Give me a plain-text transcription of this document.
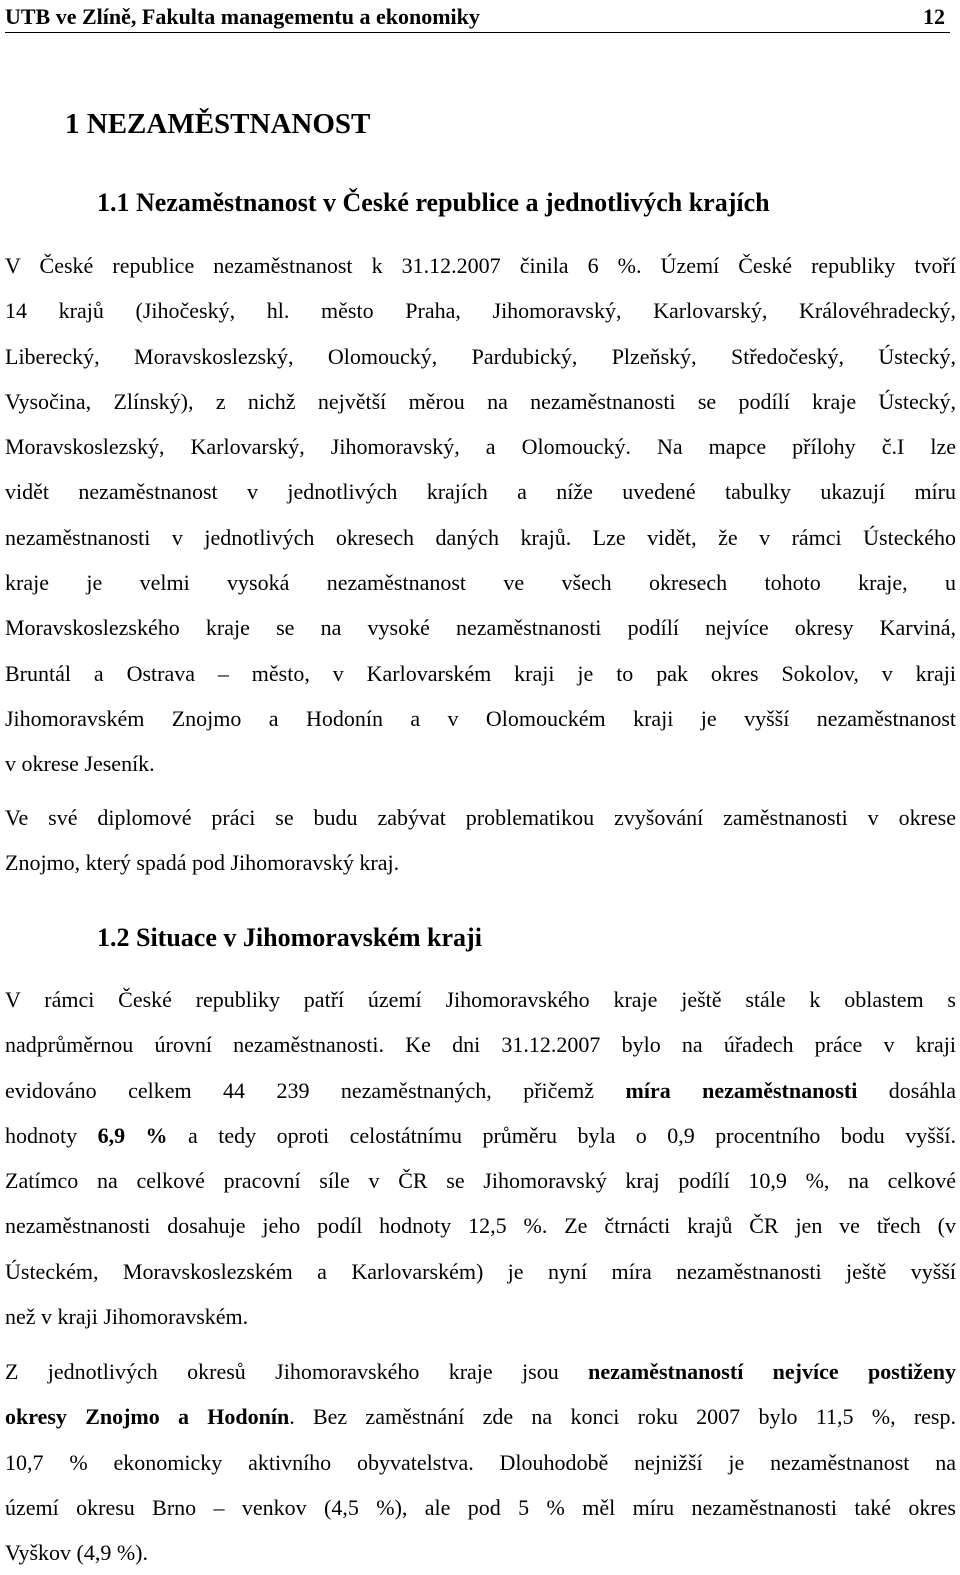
UTB ve Zlíně, Fakulta managementu a ekonomiky	12
1 NEZAMĚSTNANOST
1.1 Nezaměstnanost v České republice a jednotlivých krajích

V České republice nezaměstnanost k 31.12.2007 činila 6 %. Území České republiky tvoří
14 krajů (Jihočeský, hl. město Praha, Jihomoravský, Karlovarský, Královéhradecký,
Liberecký, Moravskoslezský, Olomoucký, Pardubický, Plzeňský, Středočeský, Ústecký,
Vysočina, Zlínský), z nichž největší měrou na nezaměstnanosti se podílí kraje Ústecký,
Moravskoslezský, Karlovarský, Jihomoravský, a Olomoucký. Na mapce přílohy č.I lze
vidět nezaměstnanost v jednotlivých krajích a níže uvedené tabulky ukazují míru
nezaměstnanosti v jednotlivých okresech daných krajů. Lze vidět, že v rámci Ústeckého
kraje je velmi vysoká nezaměstnanost ve všech okresech tohoto kraje, u
Moravskoslezského kraje se na vysoké nezaměstnanosti podílí nejvíce okresy Karviná,
Bruntál a Ostrava – město, v Karlovarském kraji je to pak okres Sokolov, v kraji
Jihomoravském Znojmo a Hodonín a v Olomouckém kraji je vyšší nezaměstnanost
v okrese Jeseník.

Ve své diplomové práci se budu zabývat problematikou zvyšování zaměstnanosti v okrese
Znojmo, který spadá pod Jihomoravský kraj.

1.2 Situace v Jihomoravském kraji

V rámci České republiky patří území Jihomoravského kraje ještě stále k oblastem s
nadprůměrnou úrovní nezaměstnanosti. Ke dni 31.12.2007 bylo na úřadech práce v kraji
evidováno celkem 44 239 nezaměstnaných, přičemž míra nezaměstnanosti dosáhla
hodnoty 6,9 % a tedy oproti celostátnímu průměru byla o 0,9 procentního bodu vyšší.
Zatímco na celkové pracovní síle v ČR se Jihomoravský kraj podílí 10,9 %, na celkové
nezaměstnanosti dosahuje jeho podíl hodnoty 12,5 %. Ze čtrnácti krajů ČR jen ve třech (v
Ústeckém, Moravskoslezském a Karlovarském) je nyní míra nezaměstnanosti ještě vyšší
než v kraji Jihomoravském.

Z jednotlivých okresů Jihomoravského kraje jsou nezaměstnaností nejvíce postiženy
okresy Znojmo a Hodonín. Bez zaměstnání zde na konci roku 2007 bylo 11,5 %, resp.
10,7 % ekonomicky aktivního obyvatelstva. Dlouhodobě nejnižší je nezaměstnanost na
území okresu Brno – venkov (4,5 %), ale pod 5 % měl míru nezaměstnanosti také okres
Vyškov (4,9 %).
